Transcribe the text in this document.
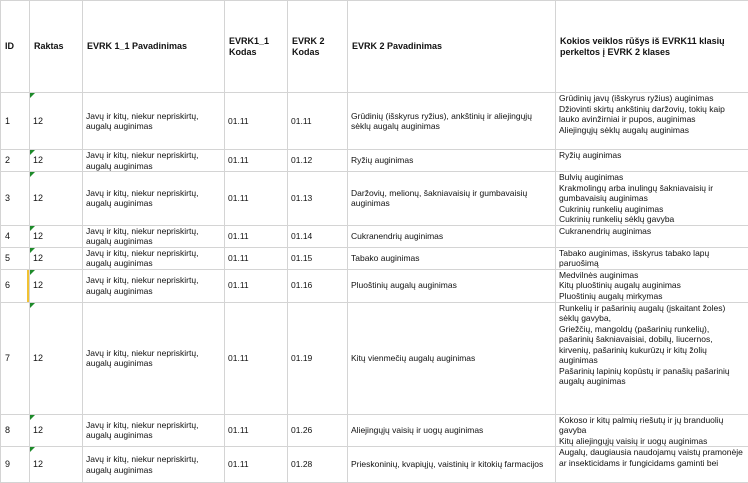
ID	Raktas	EVRK 1_1 Pavadinimas	EVRK1_1 Kodas	EVRK 2 Kodas	EVRK 2 Pavadinimas	Kokios veiklos rūšys iš EVRK11 klasių perkeltos į EVRK 2 klases

1	12	Javų ir kitų, niekur nepriskirtų, augalų auginimas	01.11	01.11	Grūdinių (išskyrus ryžius), ankštinių ir aliejingųjų sėklų augalų auginimas	Grūdinių javų (išskyrus ryžius) auginimas
Džiovinti skirtų ankštinių daržovių, tokių kaip lauko avinžirniai ir pupos, auginimas
Aliejingųjų sėklų augalų auginimas

2	12	Javų ir kitų, niekur nepriskirtų, augalų auginimas	01.11	01.12	Ryžių auginimas	Ryžių auginimas

3	12	Javų ir kitų, niekur nepriskirtų, augalų auginimas	01.11	01.13	Daržovių, melionų, šakniavaisių ir gumbavaisių auginimas	Bulvių auginimas
Krakmolingų arba inulingų šakniavaisių ir gumbavaisių auginimas
Cukrinių runkelių auginimas
Cukrinių runkelių sėklų gavyba

4	12	Javų ir kitų, niekur nepriskirtų, augalų auginimas	01.11	01.14	Cukranendrių auginimas	Cukranendrių auginimas

5	12	Javų ir kitų, niekur nepriskirtų, augalų auginimas	01.11	01.15	Tabako auginimas	Tabako auginimas, išskyrus tabako lapų paruošimą

6	12	Javų ir kitų, niekur nepriskirtų, augalų auginimas	01.11	01.16	Pluoštinių augalų auginimas	Medvilnės auginimas
Kitų pluoštinių augalų auginimas
Pluoštinių augalų mirkymas

7	12	Javų ir kitų, niekur nepriskirtų, augalų auginimas	01.11	01.19	Kitų vienmečių augalų auginimas	Runkelių ir pašarinių augalų (įskaitant žoles) sėklų gavyba,
Griežčių, mangoldų (pašarinių runkelių), pašarinių šakniavaisiai, dobilų, liucernos, kirvenių, pašarinių kukurūzų ir kitų žolių auginimas
Pašarinių lapinių kopūstų ir panašių pašarinių augalų auginimas

8	12	Javų ir kitų, niekur nepriskirtų, augalų auginimas	01.11	01.26	Aliejingųjų vaisių ir uogų auginimas	Kokoso ir kitų palmių riešutų ir jų branduolių gavyba
Kitų aliejingųjų vaisių ir uogų auginimas

9	12	Javų ir kitų, niekur nepriskirtų, augalų auginimas	01.11	01.28	Prieskoninių, kvapiųjų, vaistinių ir kitokių farmacijos	Augalų, daugiausia naudojamų vaistų pramonėje ar insekticidams ir fungicidams gaminti bei
